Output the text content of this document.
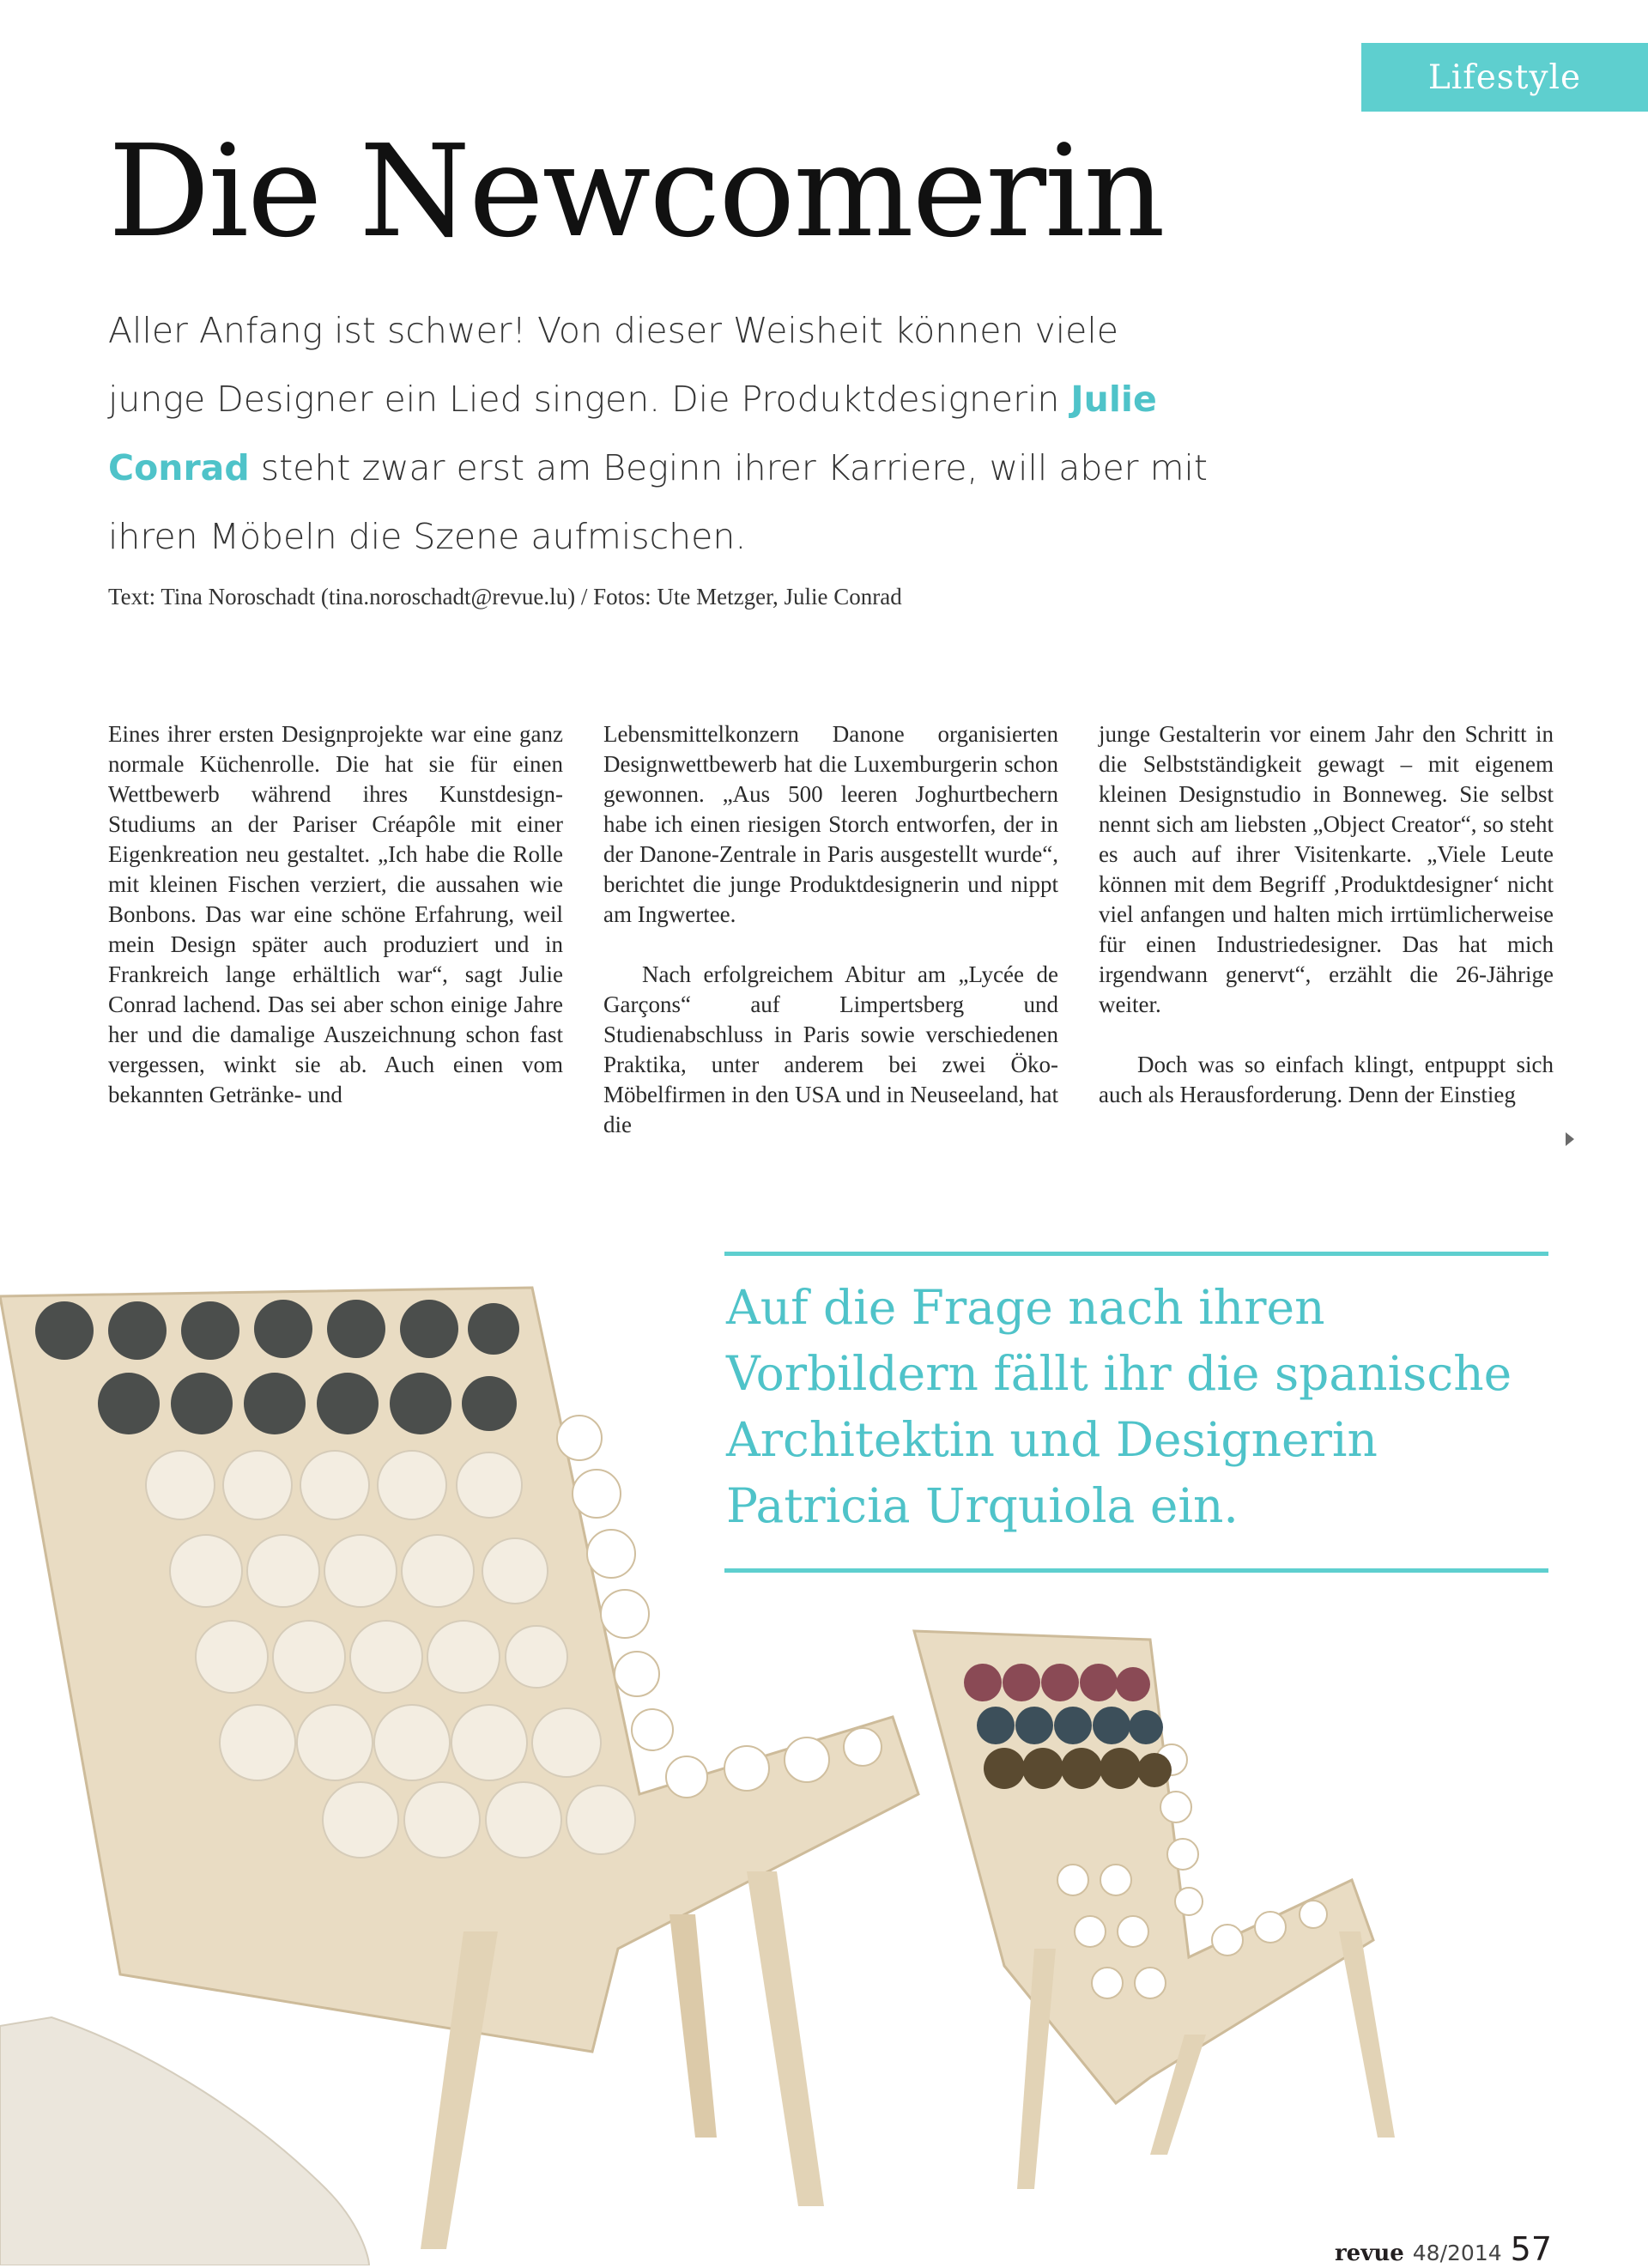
Lifestyle
Die Newcomerin

Aller Anfang ist schwer! Von dieser Weisheit können viele junge Designer ein Lied singen. Die Produktdesignerin Julie Conrad steht zwar erst am Beginn ihrer Karriere, will aber mit ihren Möbeln die Szene aufmischen.

Text: Tina Noroschadt (tina.noroschadt@revue.lu) / Fotos: Ute Metzger, Julie Conrad

Eines ihrer ersten Designprojekte war eine ganz normale Küchenrolle. Die hat sie für einen Wettbewerb während ihres Kunstdesign-Studiums an der Pariser Créapôle mit einer Eigenkreation neu gestaltet. „Ich habe die Rolle mit kleinen Fischen verziert, die aussahen wie Bonbons. Das war eine schöne Erfahrung, weil mein Design später auch produziert und in Frankreich lange erhältlich war“, sagt Julie Conrad lachend. Das sei aber schon einige Jahre her und die damalige Auszeichnung schon fast vergessen, winkt sie ab. Auch einen vom bekannten Getränke- und

Lebensmittelkonzern Danone organisierten Designwettbewerb hat die Luxemburgerin schon gewonnen. „Aus 500 leeren Joghurtbechern habe ich einen riesigen Storch entworfen, der in der Danone-Zentrale in Paris ausgestellt wurde“, berichtet die junge Produktdesignerin und nippt am Ingwertee.

Nach erfolgreichem Abitur am „Lycée de Garçons“ auf Limpertsberg und Studienabschluss in Paris sowie verschiedenen Praktika, unter anderem bei zwei Öko-Möbelfirmen in den USA und in Neuseeland, hat die

junge Gestalterin vor einem Jahr den Schritt in die Selbstständigkeit gewagt – mit eigenem kleinen Designstudio in Bonneweg. Sie selbst nennt sich am liebsten „Object Creator“, so steht es auch auf ihrer Visitenkarte. „Viele Leute können mit dem Begriff ‚Produktdesigner‘ nicht viel anfangen und halten mich irrtümlicherweise für einen Industriedesigner. Das hat mich irgendwann genervt“, erzählt die 26-Jährige weiter.

Doch was so einfach klingt, entpuppt sich auch als Herausforderung. Denn der Einstieg

Auf die Frage nach ihren

Vorbildern fällt ihr die spanische

Architektin und Designerin

Patricia Urquiola ein.

revue 48/2014 57
